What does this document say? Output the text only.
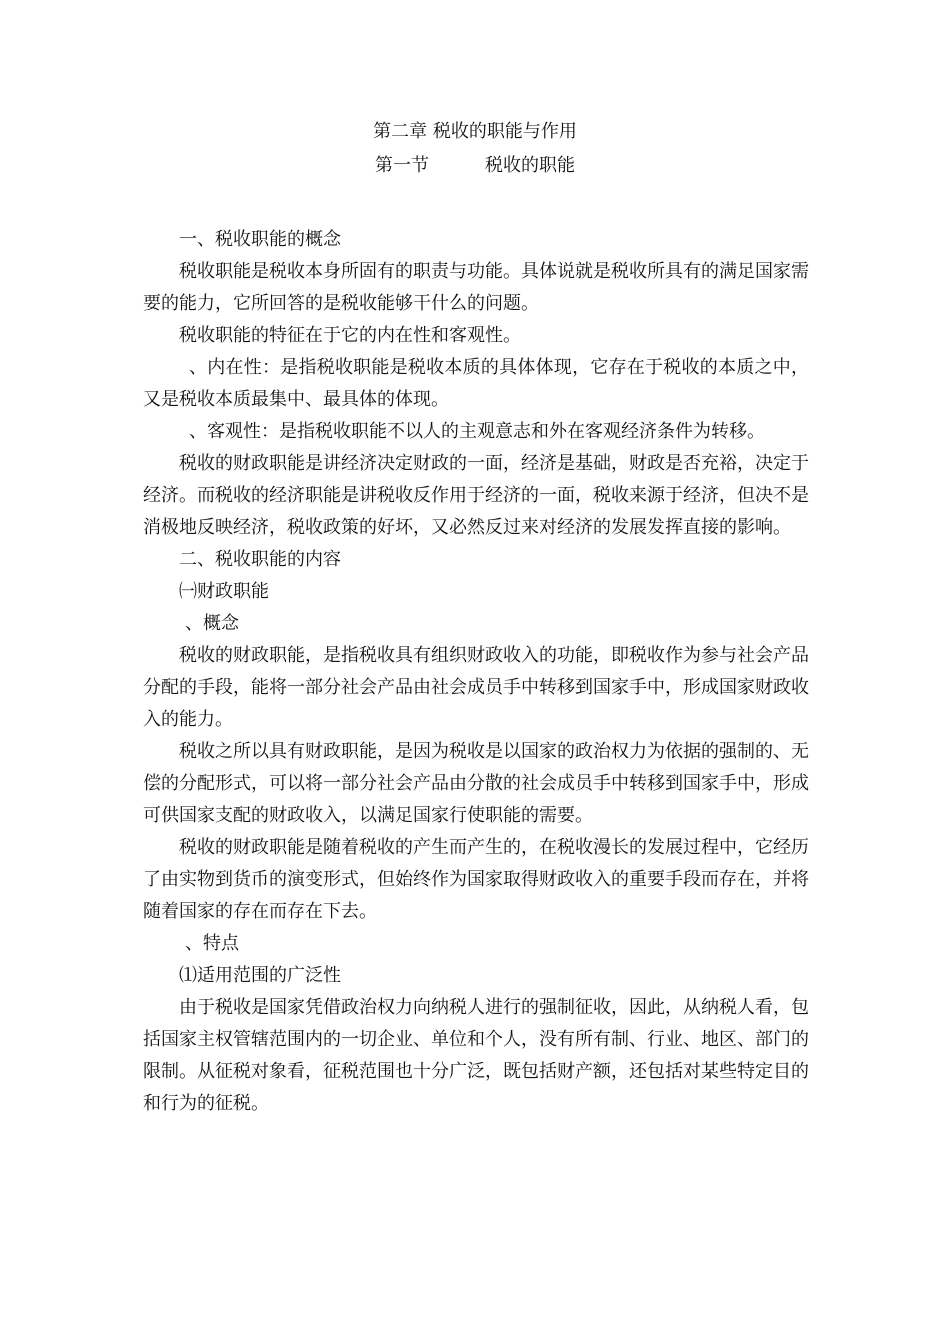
第二章 税收的职能与作用
第一节	税收的职能

一、税收职能的概念

税收职能是税收本身所固有的职责与功能。具体说就是税收所具有的满足国家需要的能力，它所回答的是税收能够干什么的问题。

税收职能的特征在于它的内在性和客观性。

、内在性：是指税收职能是税收本质的具体体现，它存在于税收的本质之中，又是税收本质最集中、最具体的体现。

、客观性：是指税收职能不以人的主观意志和外在客观经济条件为转移。

税收的财政职能是讲经济决定财政的一面，经济是基础，财政是否充裕，决定于经济。而税收的经济职能是讲税收反作用于经济的一面，税收来源于经济，但决不是消极地反映经济，税收政策的好坏，又必然反过来对经济的发展发挥直接的影响。

二、税收职能的内容

㈠财政职能

、概念

税收的财政职能，是指税收具有组织财政收入的功能，即税收作为参与社会产品分配的手段，能将一部分社会产品由社会成员手中转移到国家手中，形成国家财政收入的能力。

税收之所以具有财政职能，是因为税收是以国家的政治权力为依据的强制的、无偿的分配形式，可以将一部分社会产品由分散的社会成员手中转移到国家手中，形成可供国家支配的财政收入，以满足国家行使职能的需要。

税收的财政职能是随着税收的产生而产生的，在税收漫长的发展过程中，它经历了由实物到货币的演变形式，但始终作为国家取得财政收入的重要手段而存在，并将随着国家的存在而存在下去。

、特点

⑴适用范围的广泛性

由于税收是国家凭借政治权力向纳税人进行的强制征收，因此，从纳税人看，包括国家主权管辖范围内的一切企业、单位和个人，没有所有制、行业、地区、部门的限制。从征税对象看，征税范围也十分广泛，既包括财产额，还包括对某些特定目的和行为的征税。
